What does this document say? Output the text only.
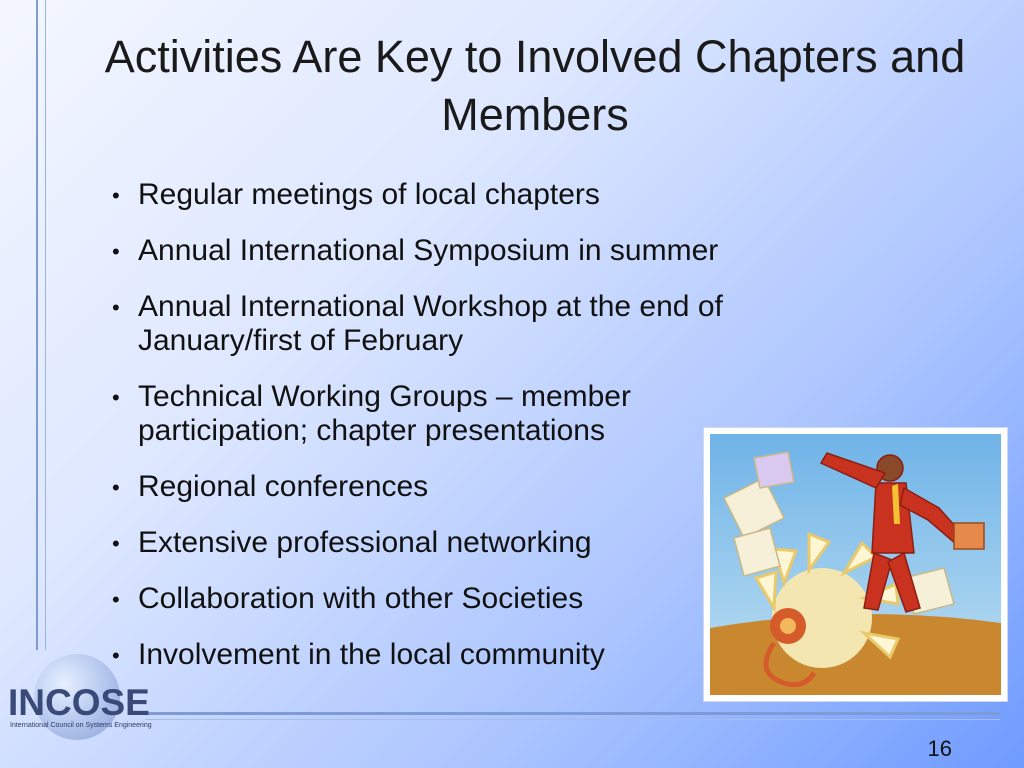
Activities Are Key to Involved Chapters and Members
• Regular meetings of local chapters
• Annual International Symposium in summer
• Annual International Workshop at the end of January/first of February
• Technical Working Groups – member participation; chapter presentations
• Regional conferences
• Extensive professional networking
• Collaboration with other Societies
• Involvement in the local community
INCOSE
International Council on Systems Engineering
16
